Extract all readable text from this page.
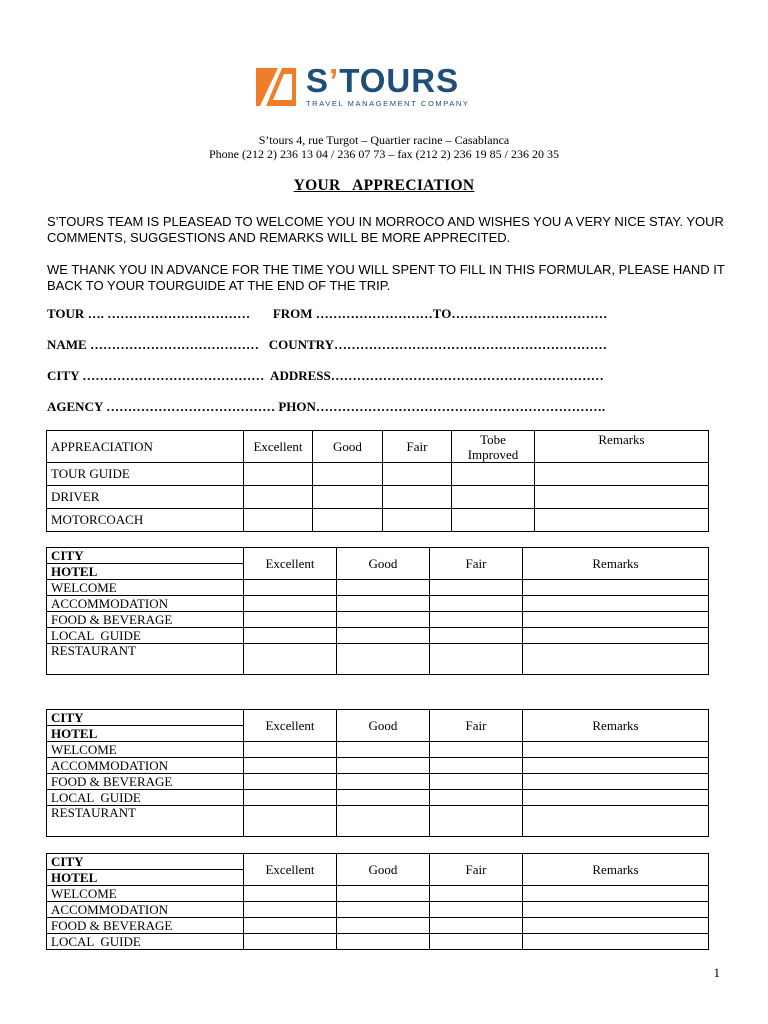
S’TOURS
TRAVEL MANAGEMENT COMPANY
S’tours 4, rue Turgot – Quartier racine – Casablanca
Phone (212 2) 236 13 04 / 236 07 73 – fax (212 2) 236 19 85 / 236 20 35
YOUR   APPRECIATION
S’TOURS TEAM IS PLEASEAD TO WELCOME YOU IN MORROCO AND WISHES YOU A VERY NICE STAY. YOUR COMMENTS, SUGGESTIONS AND REMARKS WILL BE MORE APPRECITED.
WE THANK YOU IN ADVANCE FOR THE TIME YOU WILL SPENT TO FILL IN THIS FORMULAR, PLEASE HAND IT BACK TO YOUR TOURGUIDE AT THE END OF THE TRIP.
TOUR …. ……………………………       FROM ………………………TO………………………………
NAME …………………………………   COUNTRY………………………………………………………
CITY ……………………………………  ADDRESS………………………………………………………
AGENCY ………………………………… PHON………………………………………………………….
APPREACIATION	Excellent	Good	Fair	Tobe Improved	Remarks
TOUR GUIDE					
DRIVER					
MOTORCOACH					
CITY	Excellent	Good	Fair	Remarks
HOTEL				
WELCOME				
ACCOMMODATION				
FOOD & BEVERAGE				
LOCAL  GUIDE				
RESTAURANT				
CITY	Excellent	Good	Fair	Remarks
HOTEL				
WELCOME				
ACCOMMODATION				
FOOD & BEVERAGE				
LOCAL  GUIDE				
RESTAURANT				
CITY	Excellent	Good	Fair	Remarks
HOTEL				
WELCOME				
ACCOMMODATION				
FOOD & BEVERAGE				
LOCAL  GUIDE				
1
